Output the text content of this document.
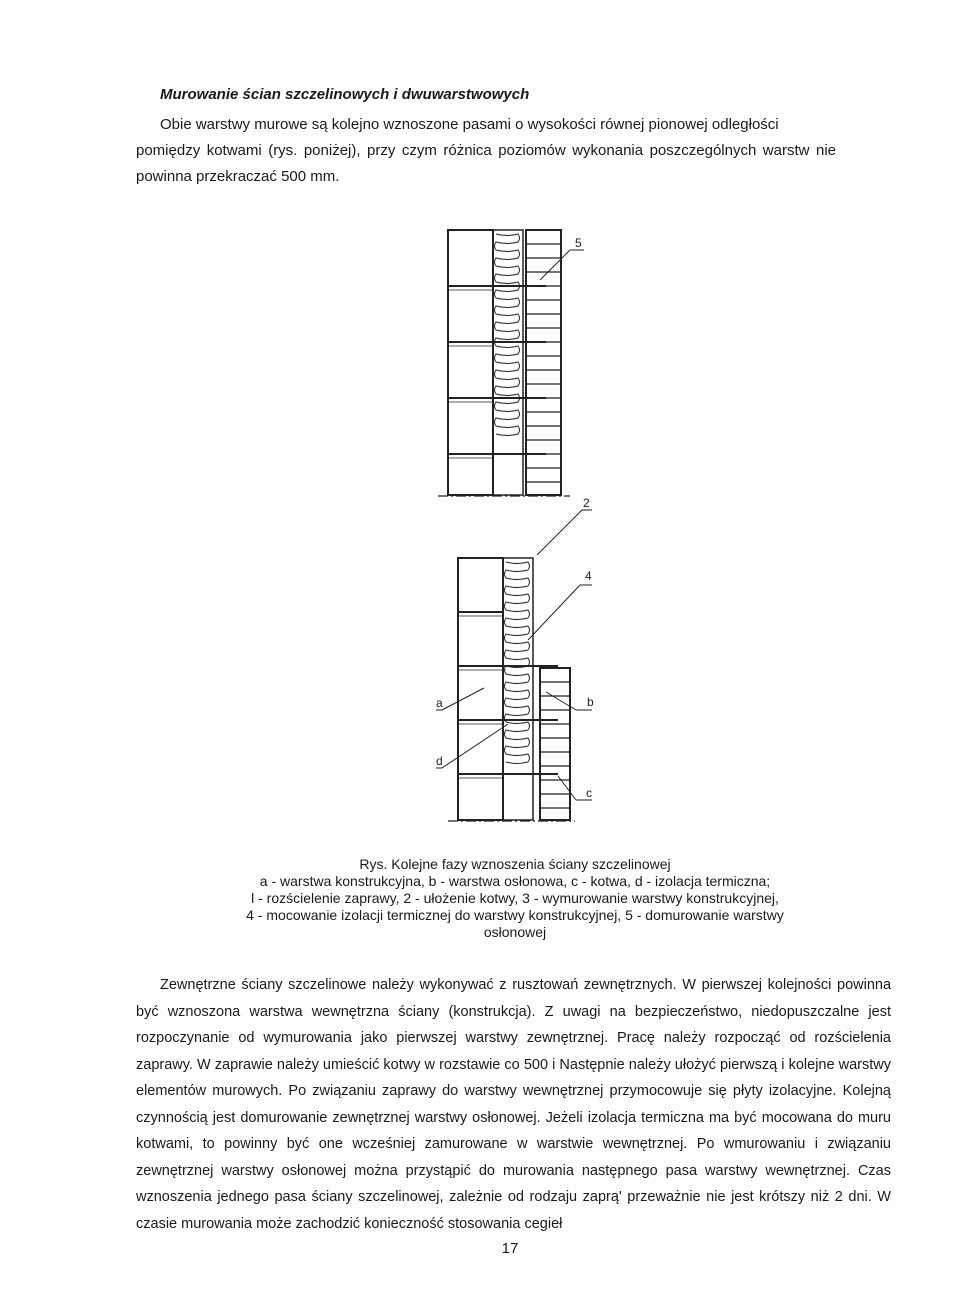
Murowanie ścian szczelinowych i dwuwarstwowych
Obie warstwy murowe są kolejno wznoszone pasami o wysokości równej pionowej odległości
pomiędzy kotwami (rys. poniżej), przy czym różnica poziomów wykonania poszczególnych warstw nie powinna przekraczać 500 mm.
5
2
4
a	b
d
c
Rys. Kolejne fazy wznoszenia ściany szczelinowej
a - warstwa konstrukcyjna, b - warstwa osłonowa, c - kotwa, d - izolacja termiczna;
l - rozścielenie zaprawy, 2 - ułożenie kotwy, 3 - wymurowanie warstwy konstrukcyjnej,
4 - mocowanie izolacji termicznej do warstwy konstrukcyjnej, 5 - domurowanie warstwy
osłonowej
Zewnętrzne ściany szczelinowe należy wykonywać z rusztowań zewnętrznych. W pierwszej kolejności powinna być wznoszona warstwa wewnętrzna ściany (konstrukcja). Z uwagi na bezpieczeństwo, niedopuszczalne jest rozpoczynanie od wymurowania jako pierwszej warstwy zewnętrznej. Pracę należy rozpocząć od rozścielenia zaprawy. W zaprawie należy umieścić kotwy w rozstawie co 500 i Następnie należy ułożyć pierwszą i kolejne warstwy elementów murowych. Po związaniu zaprawy do warstwy wewnętrznej przymocowuje się płyty izolacyjne. Kolejną czynnością jest domurowanie zewnętrznej warstwy osłonowej. Jeżeli izolacja termiczna ma być mocowana do muru kotwami, to powinny być one wcześniej zamurowane w warstwie wewnętrznej. Po wmurowaniu i związaniu zewnętrznej warstwy osłonowej można przystąpić do murowania następnego pasa warstwy wewnętrznej. Czas wznoszenia jednego pasa ściany szczelinowej, zależnie od rodzaju zaprą' przeważnie nie jest krótszy niż 2 dni. W czasie murowania może zachodzić konieczność stosowania cegieł
17
